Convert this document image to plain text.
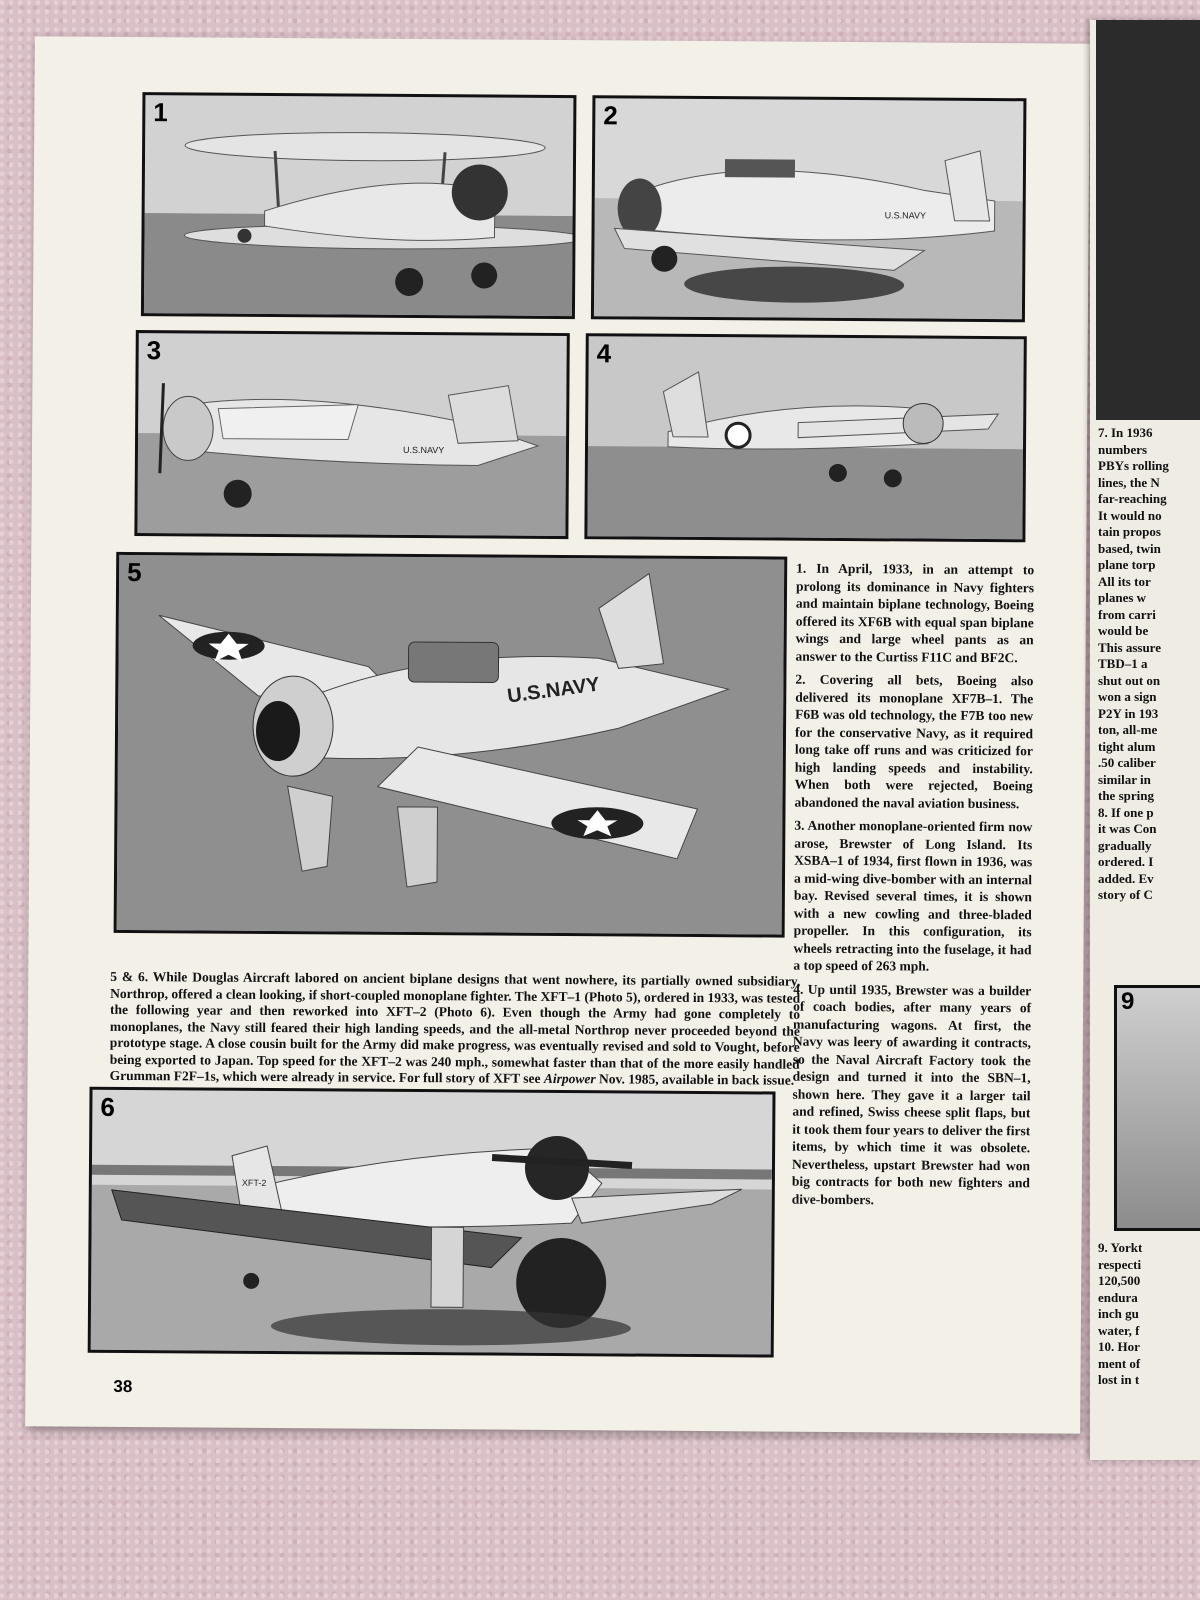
1
U.S.NAVY
2
U.S.NAVY
3	4
U.S.NAVY
5
XFT-2
6
5 & 6. While Douglas Aircraft labored on ancient biplane designs that went nowhere, its partially owned subsidiary, Northrop, offered a clean looking, if short-coupled monoplane fighter. The XFT–1 (Photo 5), ordered in 1933, was tested the following year and then reworked into XFT–2 (Photo 6). Even though the Army had gone completely to monoplanes, the Navy still feared their high landing speeds, and the all-metal Northrop never proceeded beyond the prototype stage. A close cousin built for the Army did make progress, was eventually revised and sold to Vought, before being exported to Japan. Top speed for the XFT–2 was 240 mph., somewhat faster than that of the more easily handled Grumman F2F–1s, which were already in service. For full story of XFT see Airpower Nov. 1985, available in back issue.

1. In April, 1933, in an attempt to prolong its dominance in Navy fighters and maintain biplane technology, Boeing offered its XF6B with equal span biplane wings and large wheel pants as an answer to the Curtiss F11C and BF2C.

2. Covering all bets, Boeing also delivered its monoplane XF7B–1. The F6B was old technology, the F7B too new for the conservative Navy, as it required long take off runs and was criticized for high landing speeds and instability. When both were rejected, Boeing abandoned the naval aviation business.

3. Another monoplane-oriented firm now arose, Brewster of Long Island. Its XSBA–1 of 1934, first flown in 1936, was a mid-wing dive-bomber with an internal bay. Revised several times, it is shown with a new cowling and three-bladed propeller. In this configuration, its wheels retracting into the fuselage, it had a top speed of 263 mph.

4. Up until 1935, Brewster was a builder of coach bodies, after many years of manufacturing wagons. At first, the Navy was leery of awarding it contracts, so the Naval Aircraft Factory took the design and turned it into the SBN–1, shown here. They gave it a larger tail and refined, Swiss cheese split flaps, but it took them four years to deliver the first items, by which time it was obsolete. Nevertheless, upstart Brewster had won big contracts for both new fighters and dive-bombers.

38
7. In 1936
numbers
PBYs rolling
lines, the N
far-reaching
It would no
tain propos
based, twin
plane torp
All its tor
planes w
from carri
would be
This assure
TBD–1 a
shut out on
won a sign
P2Y in 193
ton, all-me
tight alum
.50 caliber
similar in
the spring
8. If one p
it was Con
gradually
ordered. I
added. Ev
story of C
9
9. Yorkt
respecti
120,500
endura
inch gu
water, f
10. Hor
ment of
lost in t
